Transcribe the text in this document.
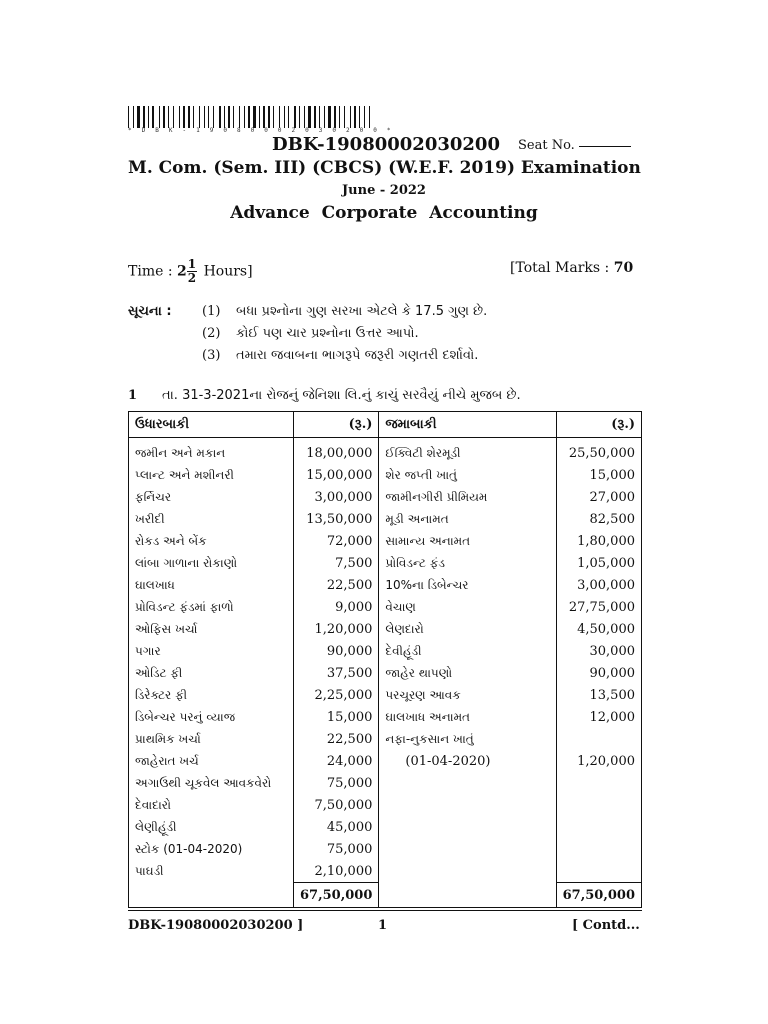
* D B K - 1 9 0 8 0 0 0 2 0 3 0 2 0 0 *
DBK-19080002030200 Seat No.
M. Com. (Sem. III) (CBCS) (W.E.F. 2019) Examination
June - 2022
Advance Corporate Accounting
Time : $2 \frac{1}{2}$ Hours]	[Total Marks : 70
સૂચના : (1) બધા પ્રશ્નોના ગુણ સરખા એટલે કે 17.5 ગુણ છે.
(2) કોઈ પણ ચાર પ્રશ્નોના ઉત્તર આપો.
(3) તમારા જવાબના ભાગરૂપે જરૂરી ગણતરી દર્શાવો.
1 તા. 31-3-2021ના રોજનું જેનિશા લિ.નું કાચું સરવૈયું નીચે મુજબ છે.
ઉધારબાકી	(રૂ.)	જમાબાકી	(રૂ.)
જમીન અને મકાન	18,00,000	ઈક્વિટી શેરમૂડી	25,50,000
પ્લાન્ટ અને મશીનરી	15,00,000	શેર જપ્તી ખાતું	15,000
ફર્નિચર	3,00,000	જામીનગીરી પ્રીમિયમ	27,000
ખરીદી	13,50,000	મૂડી અનામત	82,500
રોકડ અને બેંક	72,000	સામાન્ય અનામત	1,80,000
લાંબા ગાળાના રોકાણો	7,500	પ્રોવિડન્ટ ફંડ	1,05,000
ઘાલખાધ	22,500	10%ના ડિબેન્ચર	3,00,000
પ્રોવિડન્ટ ફંડમાં ફાળો	9,000	વેચાણ	27,75,000
ઓફિસ ખર્ચા	1,20,000	લેણદારો	4,50,000
પગાર	90,000	દેવીહૂંડી	30,000
ઓડિટ ફી	37,500	જાહેર થાપણો	90,000
ડિરેક્ટર ફી	2,25,000	પરચૂરણ આવક	13,500
ડિબેન્ચર પરનું વ્યાજ	15,000	ઘાલખાધ અનામત	12,000
પ્રાથમિક ખર્ચા	22,500	નફા-નુકસાન ખાતું	
જાહેરાત ખર્ચ	24,000	(01-04-2020)	1,20,000
અગાઉથી ચૂકવેલ આવકવેરો	75,000		
દેવાદારો	7,50,000		
લેણીહૂંડી	45,000		
સ્ટોક (01-04-2020)	75,000		
પાઘડી	2,10,000		
	67,50,000		67,50,000
DBK-19080002030200 ]	1	[ Contd...
